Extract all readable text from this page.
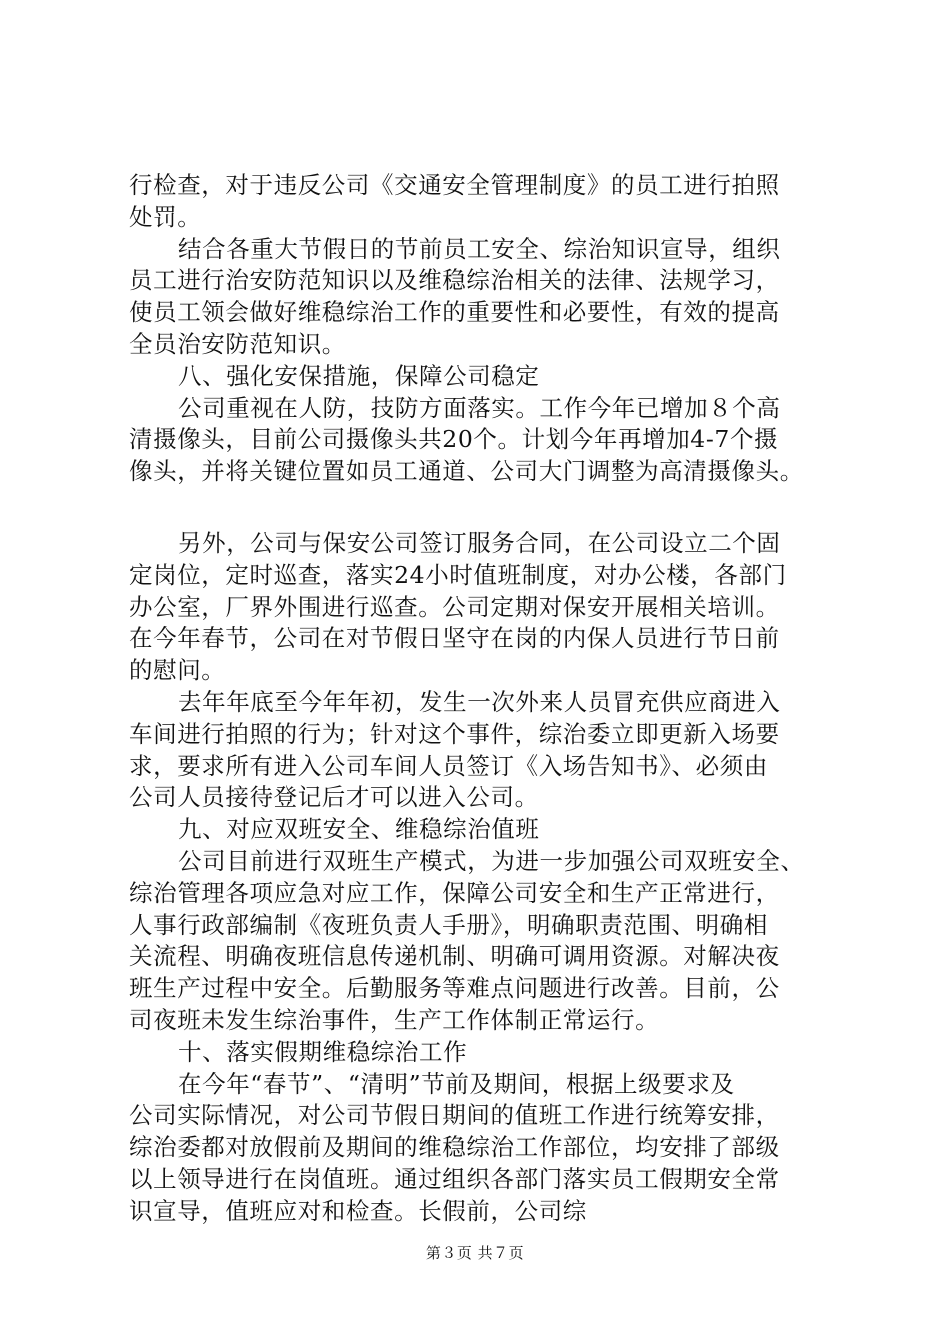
行检查，对于违反公司《交通安全管理制度》的员工进行拍照
处罚。
结合各重大节假日的节前员工安全、综治知识宣导，组织
员工进行治安防范知识以及维稳综治相关的法律、法规学习，
使员工领会做好维稳综治工作的重要性和必要性，有效的提高
全员治安防范知识。
八、强化安保措施，保障公司稳定
公司重视在人防，技防方面落实。工作今年已增加８个高
清摄像头，目前公司摄像头共20个。计划今年再增加4-7个摄
像头，并将关键位置如员工通道、公司大门调整为高清摄像头。
另外，公司与保安公司签订服务合同，在公司设立二个固
定岗位，定时巡查，落实24小时值班制度，对办公楼，各部门
办公室，厂界外围进行巡查。公司定期对保安开展相关培训。
在今年春节，公司在对节假日坚守在岗的内保人员进行节日前
的慰问。
去年年底至今年年初，发生一次外来人员冒充供应商进入
车间进行拍照的行为；针对这个事件，综治委立即更新入场要
求，要求所有进入公司车间人员签订《入场告知书》、必须由
公司人员接待登记后才可以进入公司。
九、对应双班安全、维稳综治值班
公司目前进行双班生产模式，为进一步加强公司双班安全、
综治管理各项应急对应工作，保障公司安全和生产正常进行，
人事行政部编制《夜班负责人手册》，明确职责范围、明确相
关流程、明确夜班信息传递机制、明确可调用资源。对解决夜
班生产过程中安全。后勤服务等难点问题进行改善。目前，公
司夜班未发生综治事件，生产工作体制正常运行。
十、落实假期维稳综治工作
在今年“春节”、“清明”节前及期间，根据上级要求及
公司实际情况，对公司节假日期间的值班工作进行统筹安排，
综治委都对放假前及期间的维稳综治工作部位，均安排了部级
以上领导进行在岗值班。通过组织各部门落实员工假期安全常
识宣导，值班应对和检查。长假前，公司综
第３页 共７页
